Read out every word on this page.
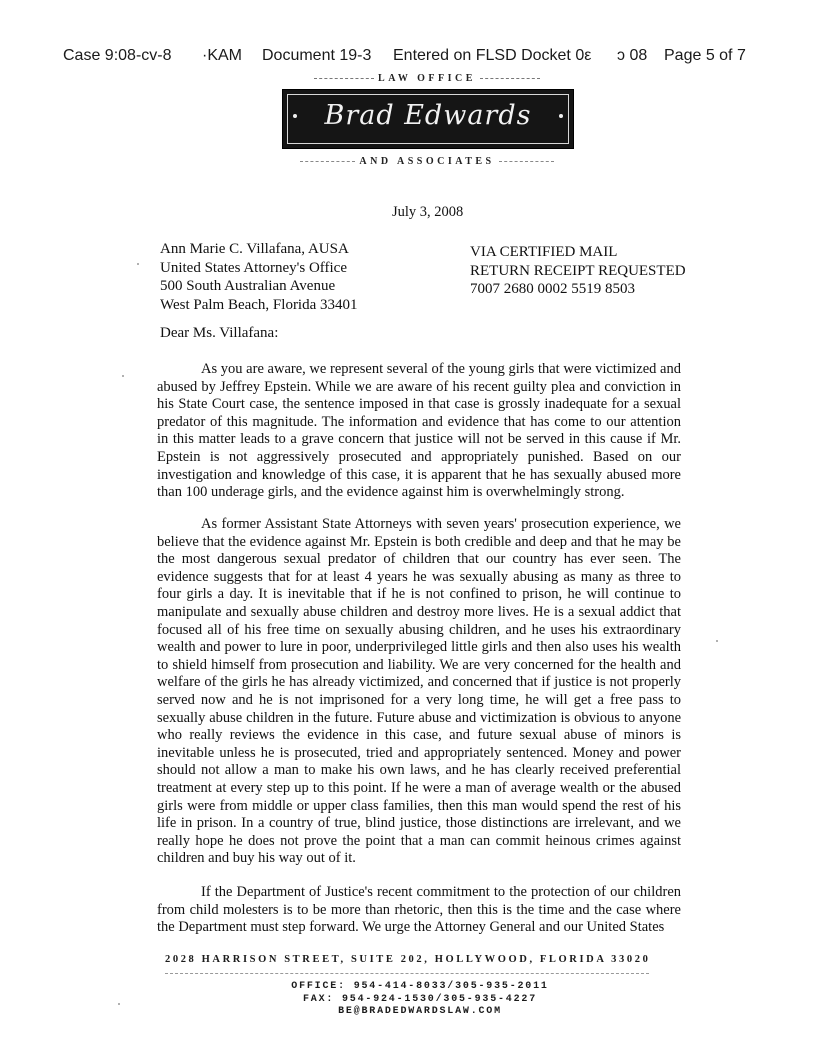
Case 9:08-cv-8 ·KAM Document 19-3 Entered on FLSD Docket 0ε ɔ 08 Page 5 of 7
LAW OFFICE
Brad Edwards
AND ASSOCIATES
July 3, 2008
Ann Marie C. Villafana, AUSA
United States Attorney's Office
500 South Australian Avenue
West Palm Beach, Florida 33401
VIA CERTIFIED MAIL
RETURN RECEIPT REQUESTED
7007 2680 0002 5519 8503
Dear Ms. Villafana:

As you are aware, we represent several of the young girls that were victimized and abused by Jeffrey Epstein. While we are aware of his recent guilty plea and conviction in his State Court case, the sentence imposed in that case is grossly inadequate for a sexual predator of this magnitude. The information and evidence that has come to our attention in this matter leads to a grave concern that justice will not be served in this cause if Mr. Epstein is not aggressively prosecuted and appropriately punished. Based on our investigation and knowledge of this case, it is apparent that he has sexually abused more than 100 underage girls, and the evidence against him is overwhelmingly strong.

As former Assistant State Attorneys with seven years' prosecution experience, we believe that the evidence against Mr. Epstein is both credible and deep and that he may be the most dangerous sexual predator of children that our country has ever seen. The evidence suggests that for at least 4 years he was sexually abusing as many as three to four girls a day. It is inevitable that if he is not confined to prison, he will continue to manipulate and sexually abuse children and destroy more lives. He is a sexual addict that focused all of his free time on sexually abusing children, and he uses his extraordinary wealth and power to lure in poor, underprivileged little girls and then also uses his wealth to shield himself from prosecution and liability. We are very concerned for the health and welfare of the girls he has already victimized, and concerned that if justice is not properly served now and he is not imprisoned for a very long time, he will get a free pass to sexually abuse children in the future. Future abuse and victimization is obvious to anyone who really reviews the evidence in this case, and future sexual abuse of minors is inevitable unless he is prosecuted, tried and appropriately sentenced. Money and power should not allow a man to make his own laws, and he has clearly received preferential treatment at every step up to this point. If he were a man of average wealth or the abused girls were from middle or upper class families, then this man would spend the rest of his life in prison. In a country of true, blind justice, those distinctions are irrelevant, and we really hope he does not prove the point that a man can commit heinous crimes against children and buy his way out of it.

If the Department of Justice's recent commitment to the protection of our children from child molesters is to be more than rhetoric, then this is the time and the case where the Department must step forward. We urge the Attorney General and our United States

2028 HARRISON STREET, SUITE 202, HOLLYWOOD, FLORIDA 33020
OFFICE: 954-414-8033/305-935-2011
FAX: 954-924-1530/305-935-4227
BE@BRADEDWARDSLAW.COM
